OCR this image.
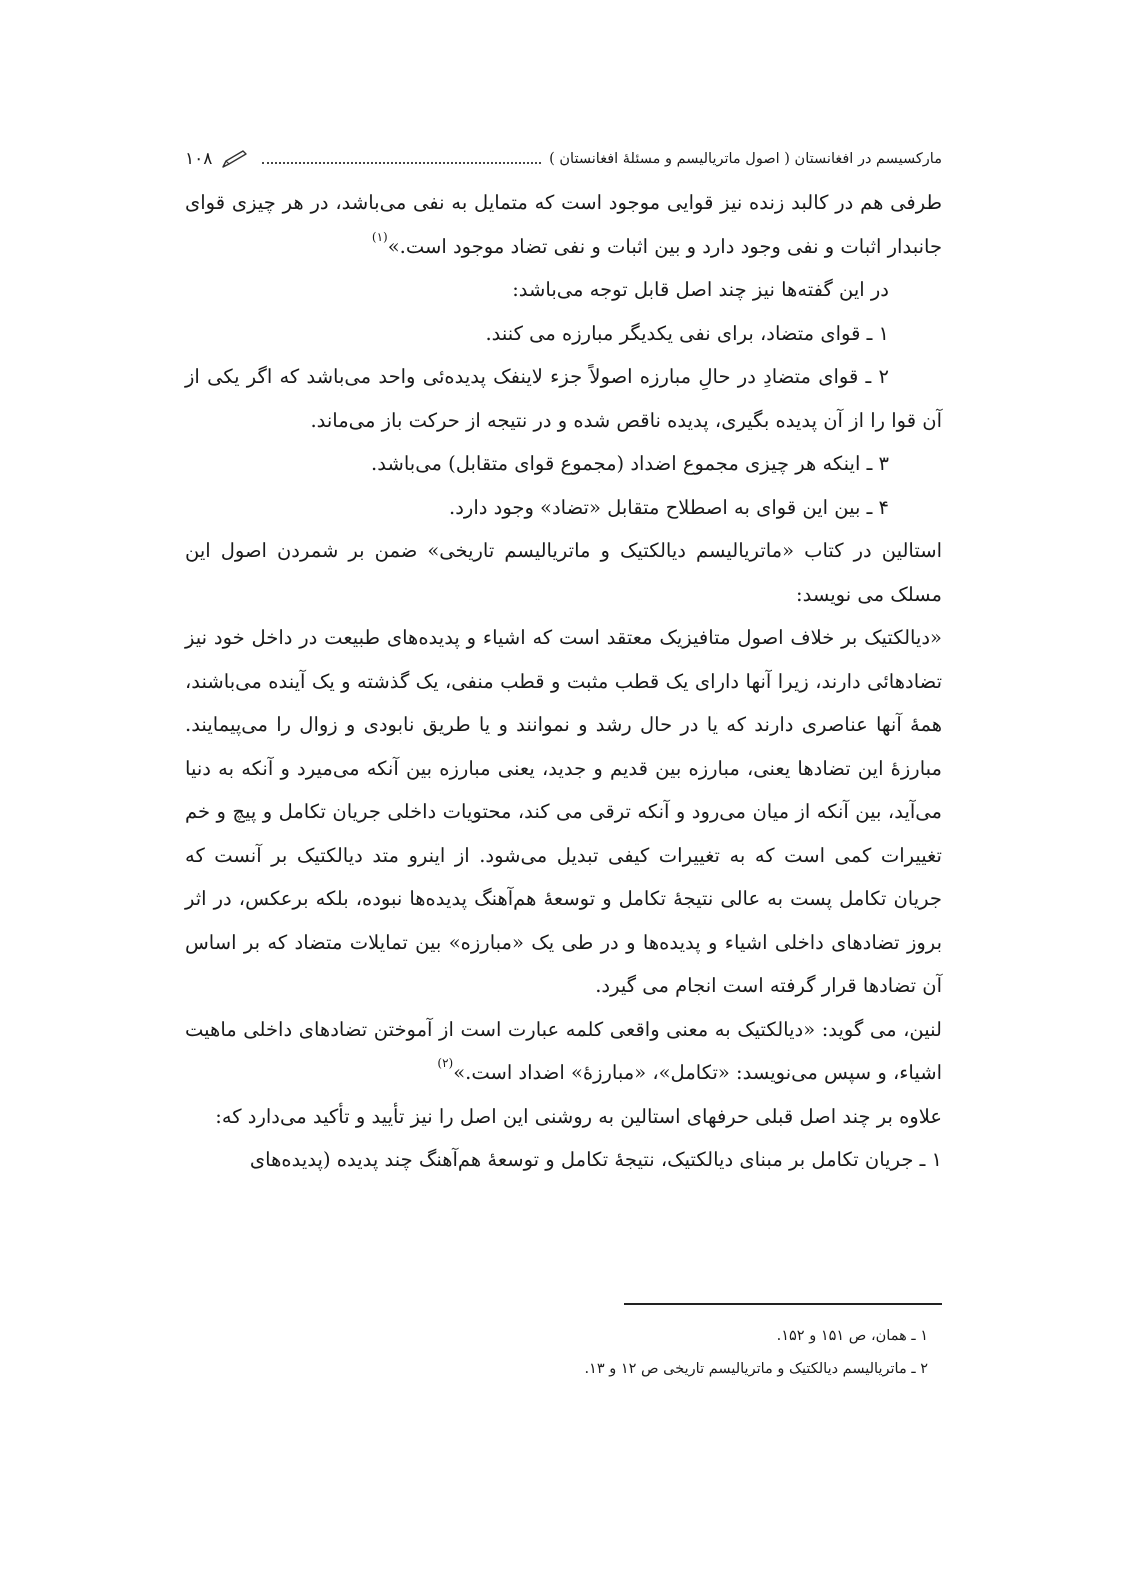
مارکسیسم در افغانستان ( اصول ماتریالیسم و مسئلهٔ افغانستان )
۱۰۸

طرفی هم در کالبد زنده نیز قوایی موجود است که متمایل به نفی می‌باشد، در هر چیزی قوای جانبدار اثبات و نفی وجود دارد و بین اثبات و نفی تضاد موجود است.»$^{(۱)}$

در این گفته‌ها نیز چند اصل قابل توجه می‌باشد:

۱ ـ قوای متضاد، برای نفی یکدیگر مبارزه می کنند.

۲ ـ قوای متضادِ در حالِ مبارزه اصولاً جزء لاینفک پدیده‌ئی واحد می‌باشد که اگر یکی از آن قوا را از آن پدیده بگیری، پدیده ناقص شده و در نتیجه از حرکت باز می‌ماند.

۳ ـ اینکه هر چیزی مجموع اضداد (مجموع قوای متقابل) می‌باشد.

۴ ـ بین این قوای به اصطلاح متقابل «تضاد» وجود دارد.

استالین در کتاب «ماتریالیسم دیالکتیک و ماتریالیسم تاریخی» ضمن بر شمردن اصول این مسلک می نویسد:

«دیالکتیک بر خلاف اصول متافیزیک معتقد است که اشیاء و پدیده‌های طبیعت در داخل خود نیز تضادهائی دارند، زیرا آنها دارای یک قطب مثبت و قطب منفی، یک گذشته و یک آینده می‌باشند، همهٔ آنها عناصری دارند که یا در حال رشد و نموانند و یا طریق نابودی و زوال را می‌پیمایند. مبارزهٔ این تضادها یعنی، مبارزه بین قدیم و جدید، یعنی مبارزه بین آنکه می‌میرد و آنکه به دنیا می‌آید، بین آنکه از میان می‌رود و آنکه ترقی می کند، محتویات داخلی جریان تکامل و پیچ و خم تغییرات کمی است که به تغییرات کیفی تبدیل می‌شود. از اینرو متد دیالکتیک بر آنست که جریان تکامل پست به عالی نتیجهٔ تکامل و توسعهٔ هم‌آهنگ پدیده‌ها نبوده، بلکه برعکس، در اثر بروز تضادهای داخلی اشیاء و پدیده‌ها و در طی یک «مبارزه» بین تمایلات متضاد که بر اساس آن تضادها قرار گرفته است انجام می گیرد.

لنین، می گوید: «دیالکتیک به معنی واقعی کلمه عبارت است از آموختن تضادهای داخلی ماهیت اشیاء، و سپس می‌نویسد: «تکامل»، «مبارزهٔ» اضداد است.»$^{(۲)}$

علاوه بر چند اصل قبلی حرفهای استالین به روشنی این اصل را نیز تأیید و تأکید می‌دارد که:

۱ ـ جریان تکامل بر مبنای دیالکتیک، نتیجهٔ تکامل و توسعهٔ هم‌آهنگ چند پدیده (پدیده‌های

۱ ـ همان، ص ۱۵۱ و ۱۵۲.

۲ ـ ماتریالیسم دیالکتیک و ماتریالیسم تاریخی ص ۱۲ و ۱۳.
